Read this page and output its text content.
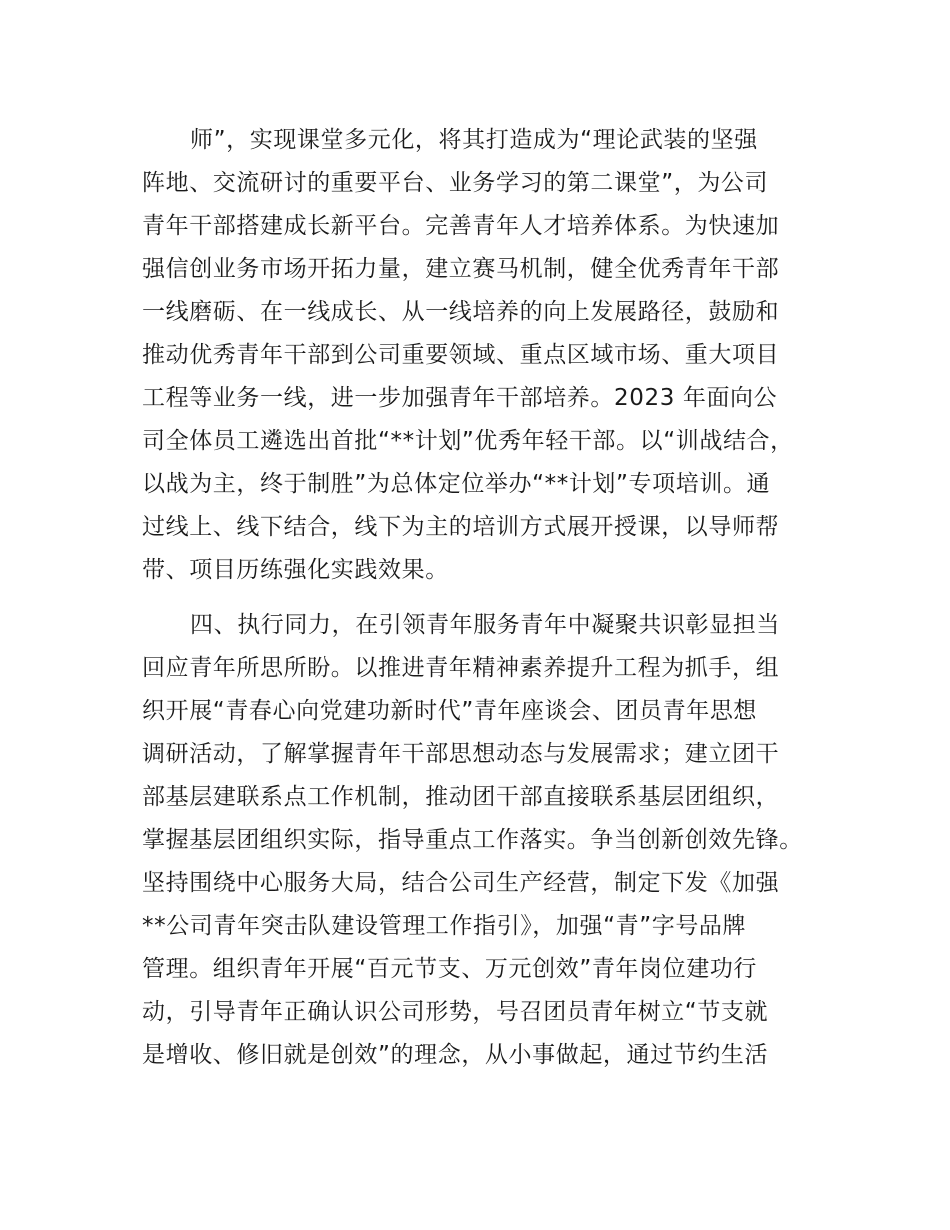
师”，实现课堂多元化，将其打造成为“理论武装的坚强

阵地、交流研讨的重要平台、业务学习的第二课堂”，为公司

青年干部搭建成长新平台。完善青年人才培养体系。为快速加

强信创业务市场开拓力量，建立赛马机制，健全优秀青年干部

一线磨砺、在一线成长、从一线培养的向上发展路径，鼓励和

推动优秀青年干部到公司重要领域、重点区域市场、重大项目

工程等业务一线，进一步加强青年干部培养。2023 年面向公

司全体员工遴选出首批“**计划”优秀年轻干部。以“训战结合，

以战为主，终于制胜”为总体定位举办“**计划”专项培训。通

过线上、线下结合，线下为主的培训方式展开授课，以导师帮

带、项目历练强化实践效果。

四、执行同力，在引领青年服务青年中凝聚共识彰显担当

回应青年所思所盼。以推进青年精神素养提升工程为抓手，组

织开展“青春心向党建功新时代”青年座谈会、团员青年思想

调研活动，了解掌握青年干部思想动态与发展需求；建立团干

部基层建联系点工作机制，推动团干部直接联系基层团组织，

掌握基层团组织实际，指导重点工作落实。争当创新创效先锋。

坚持围绕中心服务大局，结合公司生产经营，制定下发《加强

**公司青年突击队建设管理工作指引》，加强“青”字号品牌

管理。组织青年开展“百元节支、万元创效”青年岗位建功行

动，引导青年正确认识公司形势，号召团员青年树立“节支就

是增收、修旧就是创效”的理念，从小事做起，通过节约生活
